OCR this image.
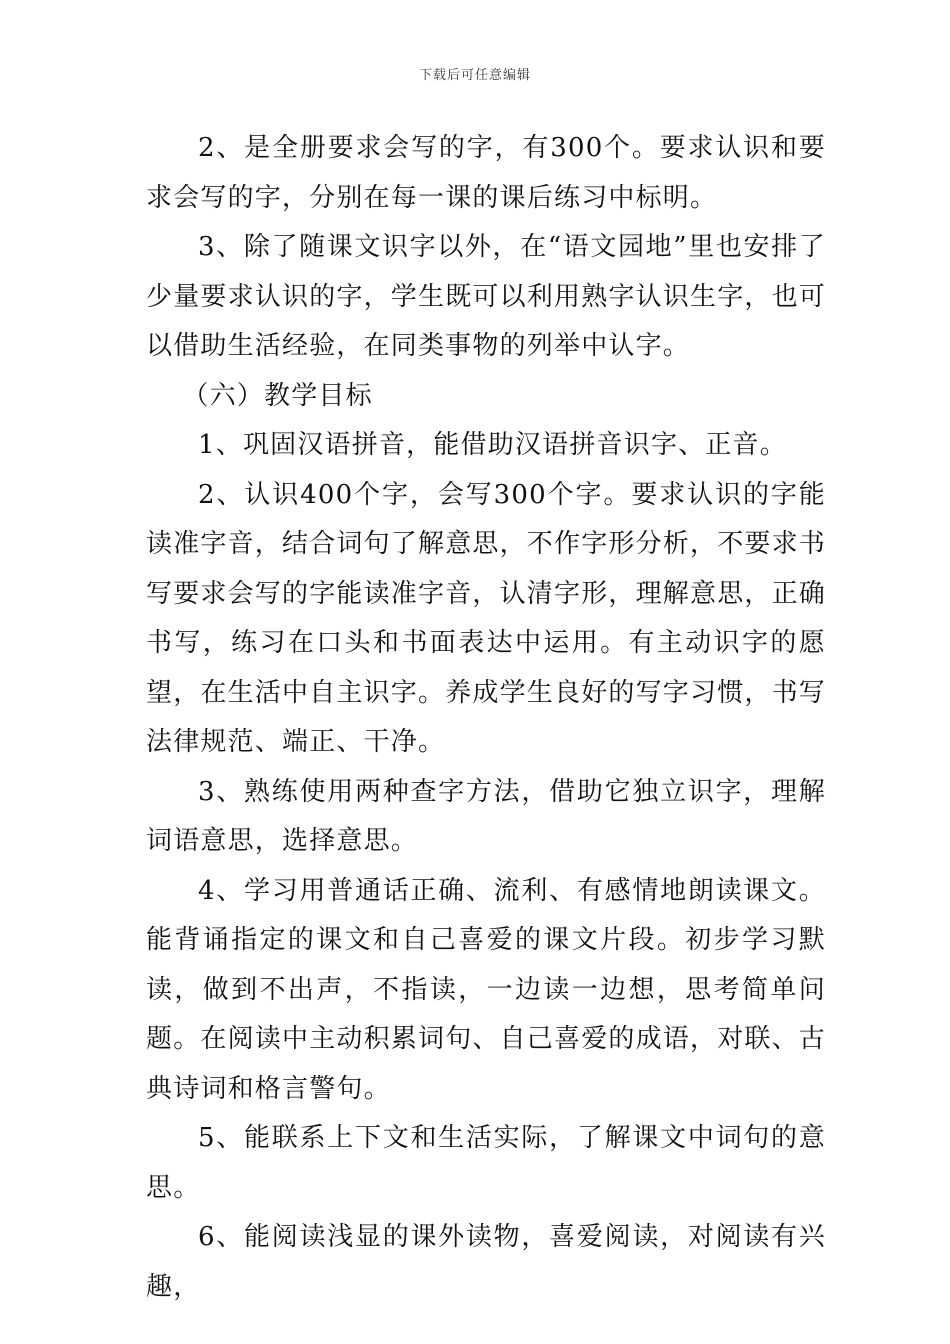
下载后可任意编辑

2、是全册要求会写的字，有300个。要求认识和要求会写的字，分别在每一课的课后练习中标明。

3、除了随课文识字以外，在“语文园地”里也安排了少量要求认识的字，学生既可以利用熟字认识生字，也可以借助生活经验，在同类事物的列举中认字。

（六）教学目标

1、巩固汉语拼音，能借助汉语拼音识字、正音。

2、认识400个字，会写300个字。要求认识的字能读准字音，结合词句了解意思，不作字形分析，不要求书写要求会写的字能读准字音，认清字形，理解意思，正确书写，练习在口头和书面表达中运用。有主动识字的愿望，在生活中自主识字。养成学生良好的写字习惯，书写法律规范、端正、干净。

3、熟练使用两种查字方法，借助它独立识字，理解词语意思，选择意思。

4、学习用普通话正确、流利、有感情地朗读课文。能背诵指定的课文和自己喜爱的课文片段。初步学习默读，做到不出声，不指读，一边读一边想，思考简单问题。在阅读中主动积累词句、自己喜爱的成语，对联、古典诗词和格言警句。

5、能联系上下文和生活实际，了解课文中词句的意思。

6、能阅读浅显的课外读物，喜爱阅读，对阅读有兴趣，
